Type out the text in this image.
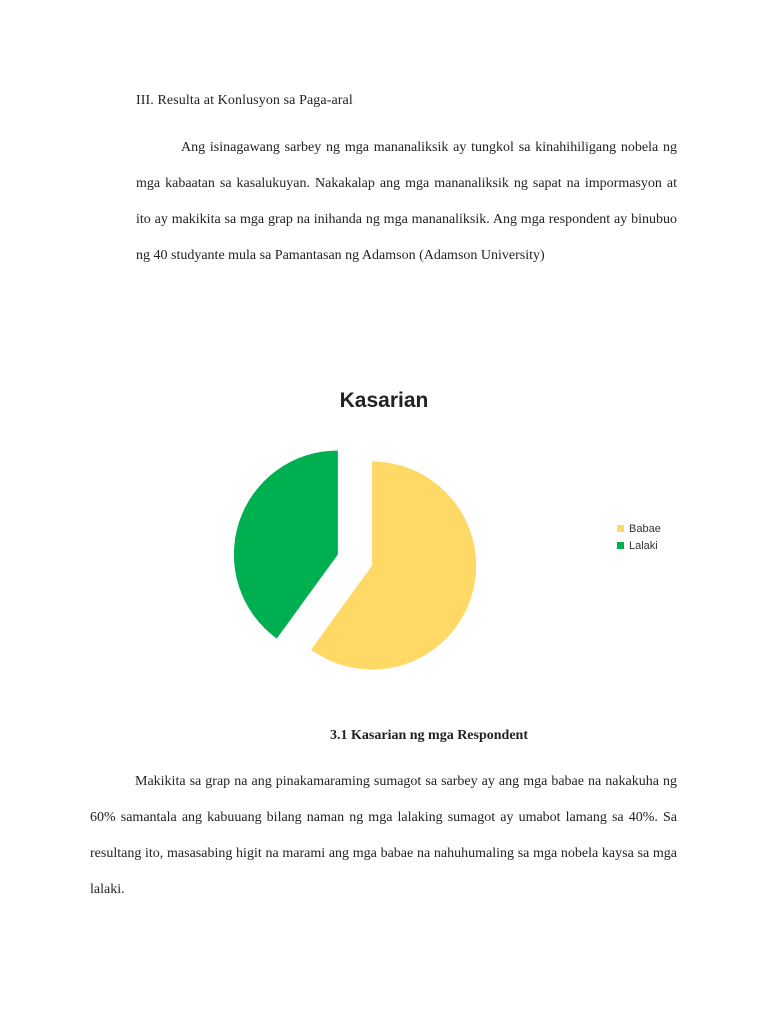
III. Resulta at Konlusyon sa Paga-aral

Ang isinagawang sarbey ng mga mananaliksik ay tungkol sa kinahihiligang nobela ng mga kabaatan sa kasalukuyan. Nakakalap ang mga mananaliksik ng sapat na impormasyon at ito ay makikita sa mga grap na inihanda ng mga mananaliksik. Ang mga respondent ay binubuo ng 40 studyante mula sa Pamantasan ng Adamson (Adamson University)

Kasarian
Babae
Lalaki
3.1 Kasarian ng mga Respondent

Makikita sa grap na ang pinakamaraming sumagot sa sarbey ay ang mga babae na nakakuha ng 60% samantala ang kabuuang bilang naman ng mga lalaking sumagot ay umabot lamang sa 40%. Sa resultang ito, masasabing higit na marami ang mga babae na nahuhumaling sa mga nobela kaysa sa mga lalaki.
